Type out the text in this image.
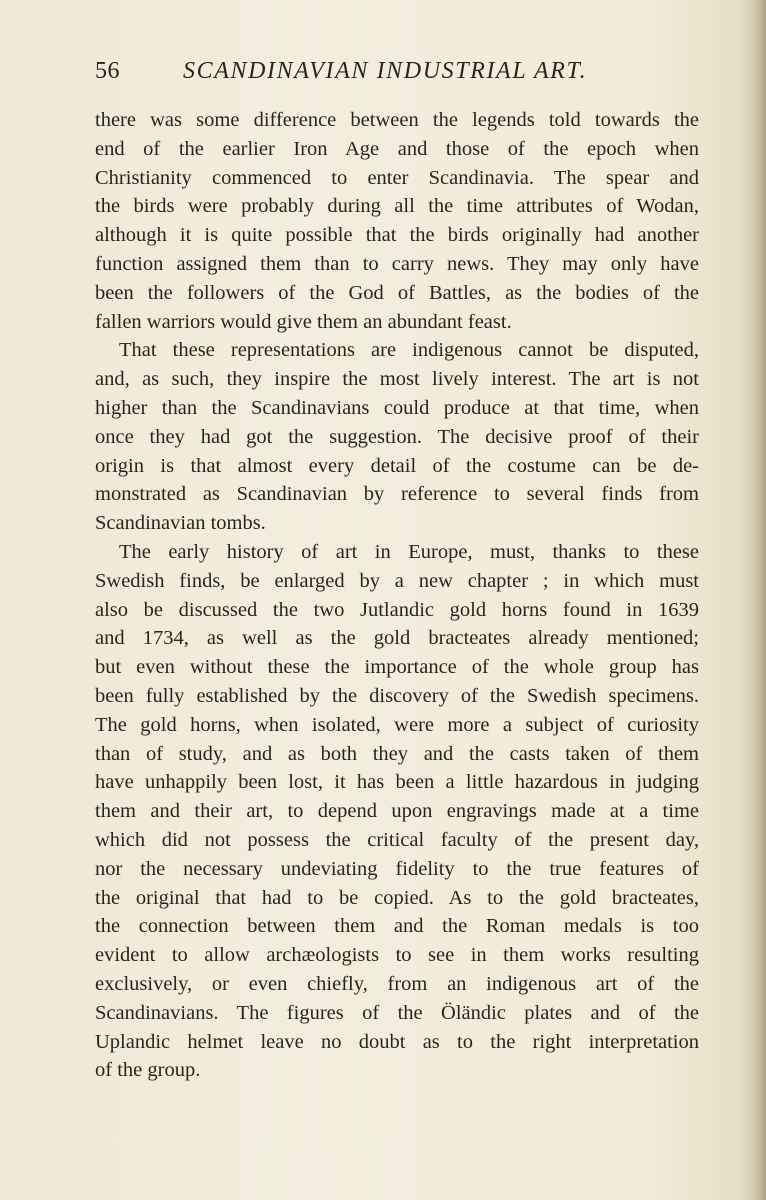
56	SCANDINAVIAN INDUSTRIAL ART.
there was some difference between the legends told towards the
end of the earlier Iron Age and those of the epoch when
Christianity commenced to enter Scandinavia. The spear and
the birds were probably during all the time attributes of Wodan,
although it is quite possible that the birds originally had another
function assigned them than to carry news. They may only have
been the followers of the God of Battles, as the bodies of the
fallen warriors would give them an abundant feast.
That these representations are indigenous cannot be disputed,
and, as such, they inspire the most lively interest. The art is not
higher than the Scandinavians could produce at that time, when
once they had got the suggestion. The decisive proof of their
origin is that almost every detail of the costume can be de-
monstrated as Scandinavian by reference to several finds from
Scandinavian tombs.
The early history of art in Europe, must, thanks to these
Swedish finds, be enlarged by a new chapter ; in which must
also be discussed the two Jutlandic gold horns found in 1639
and 1734, as well as the gold bracteates already mentioned;
but even without these the importance of the whole group has
been fully established by the discovery of the Swedish specimens.
The gold horns, when isolated, were more a subject of curiosity
than of study, and as both they and the casts taken of them
have unhappily been lost, it has been a little hazardous in judging
them and their art, to depend upon engravings made at a time
which did not possess the critical faculty of the present day,
nor the necessary undeviating fidelity to the true features of
the original that had to be copied. As to the gold bracteates,
the connection between them and the Roman medals is too
evident to allow archæologists to see in them works resulting
exclusively, or even chiefly, from an indigenous art of the
Scandinavians. The figures of the Öländic plates and of the
Uplandic helmet leave no doubt as to the right interpretation
of the group.
